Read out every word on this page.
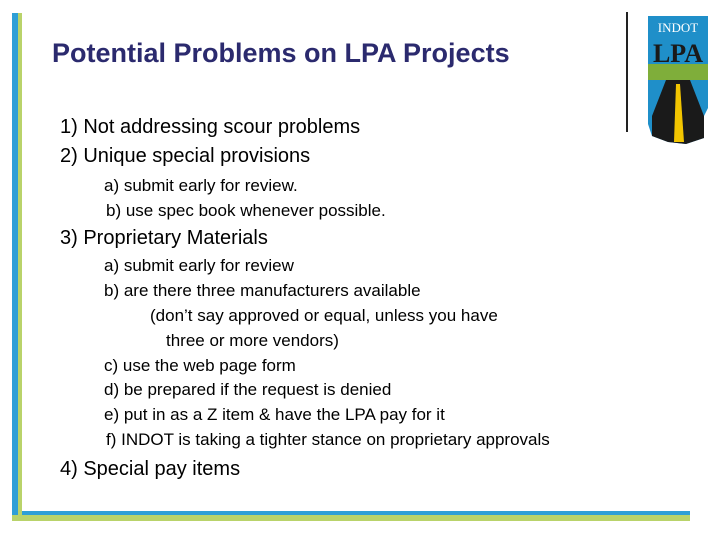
Potential Problems on LPA Projects

1) Not addressing scour problems

2) Unique special provisions

a) submit early for review.

b) use spec book whenever possible.

3) Proprietary Materials

a) submit early for review

b) are there three manufacturers available

(don’t say approved or equal, unless you have

three or more vendors)

c) use the web page form

d) be prepared if the request is denied

e) put in as a Z item & have the LPA pay for it

f) INDOT is taking a tighter stance on proprietary approvals

4) Special pay items

INDOT
LPA
